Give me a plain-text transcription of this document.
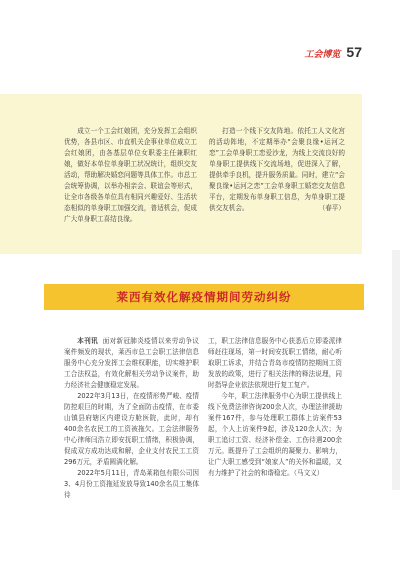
工会博览 57

成立一个工会红娘团，充分发挥工会组织优势，各县市区、市直机关企事业单位成立工会红娘团，由各基层单位女职委主任兼职红娘，做好本单位单身职工状况统计，组织交友活动，帮助解决婚恋问题等具体工作。市总工会统筹协调，以举办相亲会、联谊会等形式，让全市各级各单位具有相同兴趣爱好、生活状态相似的单身职工加强交流，普适机会，促成广大单身职工喜结良缘。

打造一个线下交友阵地。依托工人文化宫的活动阵地，不定期举办“会聚良缘•运河之恋”工会单身职工恋爱沙龙，为线上交流良好的单身职工提供线下交流场地，促进深入了解，提供牵手良机，提升服务质量。同时，建立“会聚良缘•运河之恋”工会单身职工婚恋交友信息平台，定期发布单身职工信息，为单身职工提供交友机会。	（春平）

莱西有效化解疫情期间劳动纠纷

本刊讯 面对新冠肺炎疫情以来劳动争议案件频发的现状，莱西市总工会职工法律信息服务中心充分发挥工会维权职能，切实维护职工合法权益，有效化解相关劳动争议案件，助力经济社会健康稳定发展。

2022年3月13日，在疫情形势严峻、疫情防控艰巨的时期，为了全面防击疫情，在市委山镇县府辖区内建设方舱医院，此时，却有400余名农民工的工资被拖欠。工会法律服务中心律师闫浩立即安抚职工情绪，积极协调，促成双方成功达成和解，企业支付农民工工资296万元，矛盾圆满化解。

2022年5月11日，青岛莱箱包有限公司因3、4月份工资拖延发放导致140余名员工集体待

工，职工法律信息服务中心获悉后立即委派律师赶往现场，第一时间安抚职工情绪，耐心听取职工诉求，并结合青岛市疫情防控期间工资发放的政策，进行了相关法律的释法说理，同时指导企业依法依规进行复工复产。

今年，职工法律服务中心为职工提供线上线下免费法律咨询200余人次，办理法律援助案件167件，参与处理职工群体上访案件53起，个人上访案件9起，涉及120余人次；为职工追讨工资、经济补偿金、工伤待遇200余万元。既提升了工会组织的凝聚力、影响力，让广大职工感受到“娘家人”的关怀和温暖，又有力维护了社会的和谐稳定。（马文义）
